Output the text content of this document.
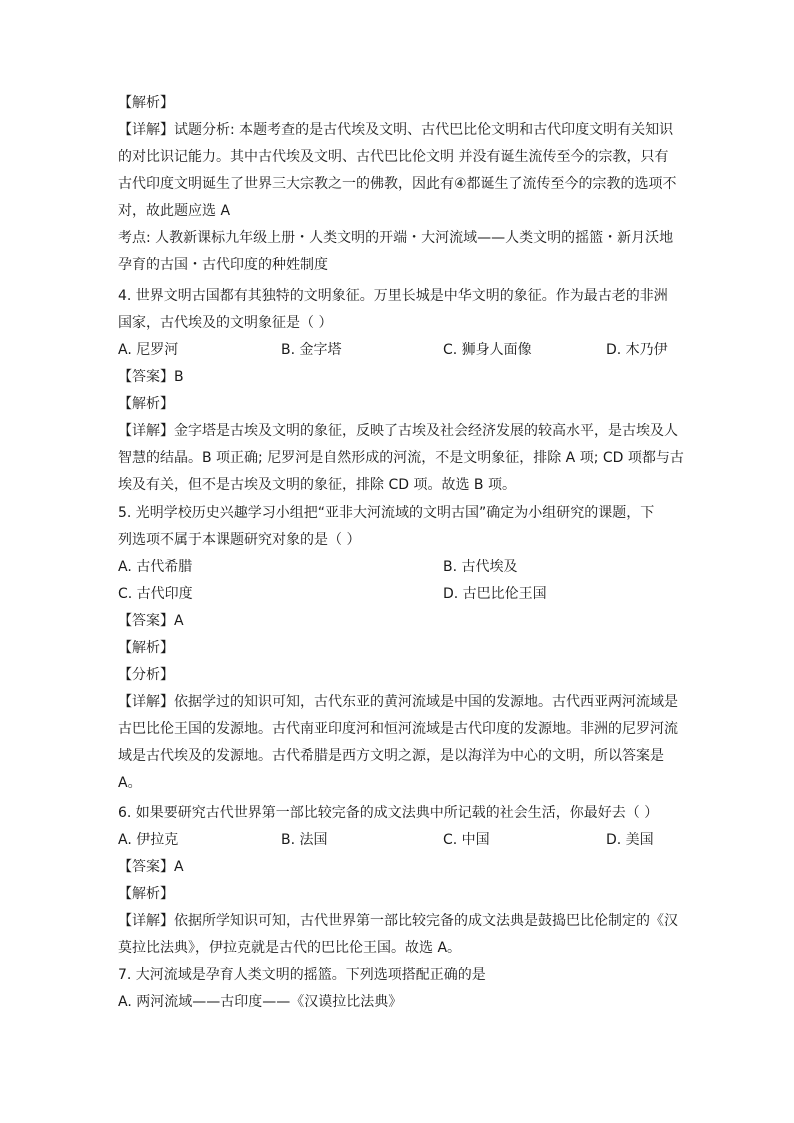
【解析】
【详解】试题分析: 本题考查的是古代埃及文明、古代巴比伦文明和古代印度文明有关知识
的对比识记能力。其中古代埃及文明、古代巴比伦文明 并没有诞生流传至今的宗教，只有
古代印度文明诞生了世界三大宗教之一的佛教，因此有④都诞生了流传至今的宗教的选项不
对，故此题应选 A
考点: 人教新课标九年级上册・人类文明的开端・大河流域——人类文明的摇篮・新月沃地
孕育的古国・古代印度的种姓制度
4. 世界文明古国都有其独特的文明象征。万里长城是中华文明的象征。作为最古老的非洲
国家，古代埃及的文明象征是（ ）
A. 尼罗河	B. 金字塔	C. 狮身人面像	D. 木乃伊
【答案】B
【解析】
【详解】金字塔是古埃及文明的象征，反映了古埃及社会经济发展的较高水平，是古埃及人
智慧的结晶。B 项正确; 尼罗河是自然形成的河流，不是文明象征，排除 A 项; CD 项都与古
埃及有关，但不是古埃及文明的象征，排除 CD 项。故选 B 项。
5. 光明学校历史兴趣学习小组把“亚非大河流域的文明古国”确定为小组研究的课题，下
列选项不属于本课题研究对象的是（ ）
A. 古代希腊	B. 古代埃及
C. 古代印度	D. 古巴比伦王国
【答案】A
【解析】
【分析】
【详解】依据学过的知识可知，古代东亚的黄河流域是中国的发源地。古代西亚两河流域是
古巴比伦王国的发源地。古代南亚印度河和恒河流域是古代印度的发源地。非洲的尼罗河流
域是古代埃及的发源地。古代希腊是西方文明之源，是以海洋为中心的文明，所以答案是
A。
6. 如果要研究古代世界第一部比较完备的成文法典中所记载的社会生活，你最好去（ ）
A. 伊拉克	B. 法国	C. 中国	D. 美国
【答案】A
【解析】
【详解】依据所学知识可知，古代世界第一部比较完备的成文法典是鼓捣巴比伦制定的《汉
莫拉比法典》，伊拉克就是古代的巴比伦王国。故选 A。
7. 大河流域是孕育人类文明的摇篮。下列选项搭配正确的是
A. 两河流域——古印度——《汉谟拉比法典》
